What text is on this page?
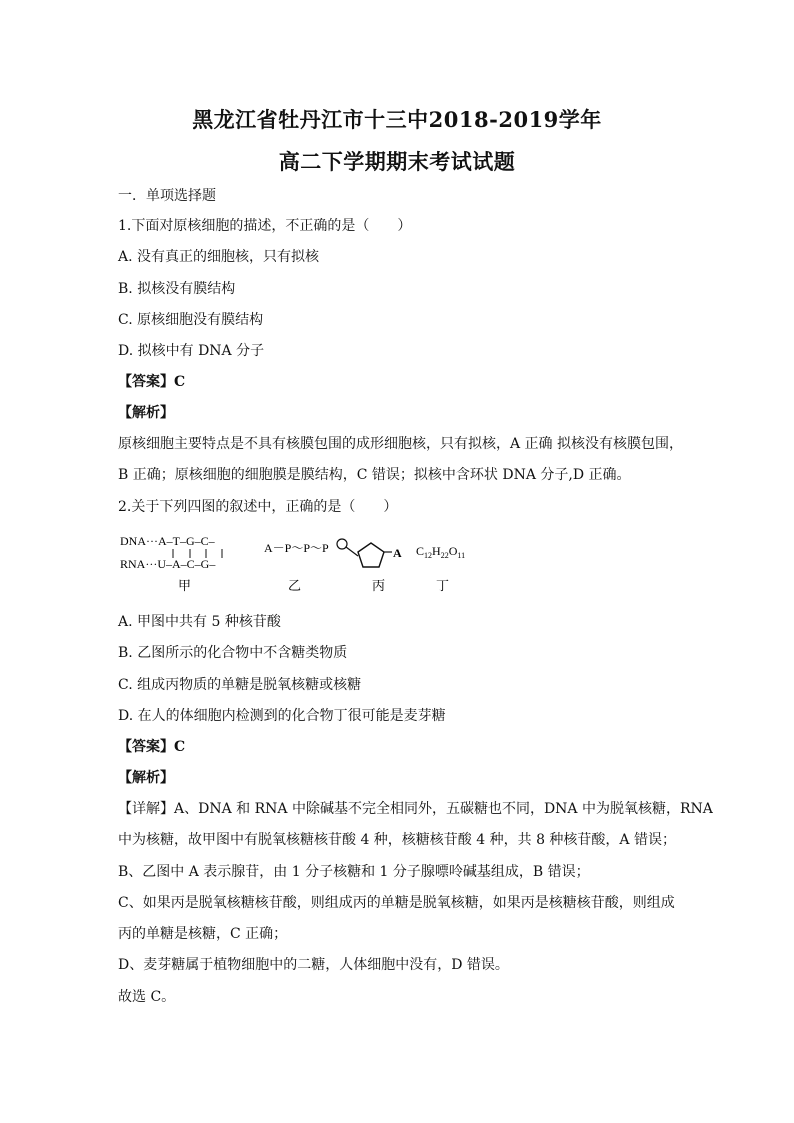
黑龙江省牡丹江市十三中2018-2019学年
高二下学期期末考试试题
一．单项选择题
1.下面对原核细胞的描述，不正确的是（　　）
A. 没有真正的细胞核，只有拟核
B. 拟核没有膜结构
C. 原核细胞没有膜结构
D. 拟核中有 DNA 分子
【答案】C
【解析】
原核细胞主要特点是不具有核膜包围的成形细胞核，只有拟核，A 正确 拟核没有核膜包围，
B 正确；原核细胞的细胞膜是膜结构，C 错误；拟核中含环状 DNA 分子,D 正确。
2.关于下列四图的叙述中，正确的是（　　）
DNA···A–T–G–C–
RNA···U–A–C–G–
甲
A－P～P～P
乙
A
丙
$C_{12}H_{22}O_{11}$
丁
A. 甲图中共有 5 种核苷酸
B. 乙图所示的化合物中不含糖类物质
C. 组成丙物质的单糖是脱氧核糖或核糖
D. 在人的体细胞内检测到的化合物丁很可能是麦芽糖
【答案】C
【解析】
【详解】A、DNA 和 RNA 中除碱基不完全相同外，五碳糖也不同，DNA 中为脱氧核糖，RNA
中为核糖，故甲图中有脱氧核糖核苷酸 4 种，核糖核苷酸 4 种，共 8 种核苷酸，A 错误；
B、乙图中 A 表示腺苷，由 1 分子核糖和 1 分子腺嘌呤碱基组成，B 错误；
C、如果丙是脱氧核糖核苷酸，则组成丙的单糖是脱氧核糖，如果丙是核糖核苷酸，则组成
丙的单糖是核糖，C 正确；
D、麦芽糖属于植物细胞中的二糖，人体细胞中没有，D 错误。
故选 C。
